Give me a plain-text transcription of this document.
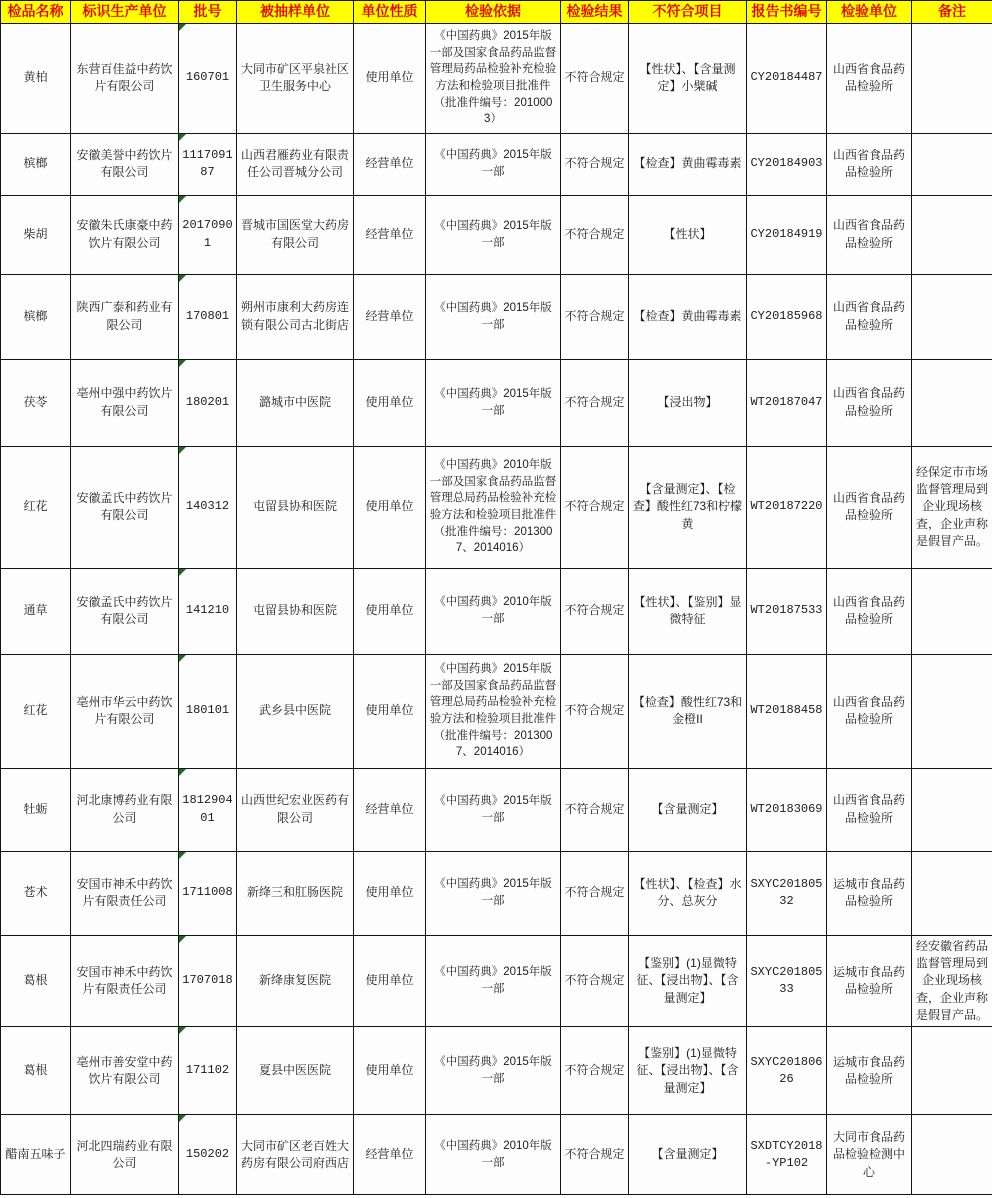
检品名称	标识生产单位	批号	被抽样单位	单位性质	检验依据	检验结果	不符合项目	报告书编号	检验单位	备注
黄柏	东营百佳益中药饮片有限公司	160701	大同市矿区平泉社区卫生服务中心	使用单位	《中国药典》2015年版一部及国家食品药品监督管理局药品检验补充检验方法和检验项目批准件 （批准件编号：2010003）	不符合规定	【性状】、【含量测定】小檗碱	CY20184487	山西省食品药品检验所	
槟榔	安徽美誉中药饮片有限公司	111709187	山西君雁药业有限责任公司晋城分公司	经营单位	《中国药典》2015年版一部	不符合规定	【检查】黄曲霉毒素	CY20184903	山西省食品药品检验所	
柴胡	安徽朱氏康豪中药饮片有限公司	20170901	晋城市国医堂大药房有限公司	经营单位	《中国药典》2015年版一部	不符合规定	【性状】	CY20184919	山西省食品药品检验所	
槟榔	陕西广泰和药业有限公司	170801	朔州市康利大药房连锁有限公司古北街店	经营单位	《中国药典》2015年版一部	不符合规定	【检查】黄曲霉毒素	CY20185968	山西省食品药品检验所	
茯苓	亳州中强中药饮片有限公司	180201	潞城市中医院	使用单位	《中国药典》2015年版一部	不符合规定	【浸出物】	WT20187047	山西省食品药品检验所	
红花	安徽孟氏中药饮片有限公司	140312	屯留县协和医院	使用单位	《中国药典》2010年版一部及国家食品药品监督管理总局药品检验补充检验方法和检验项目批准件 （批准件编号：2013007、2014016）	不符合规定	【含量测定】、【检查】酸性红73和柠檬黄	WT20187220	山西省食品药品检验所	经保定市市场监督管理局到企业现场核查，企业声称是假冒产品。
通草	安徽孟氏中药饮片有限公司	141210	屯留县协和医院	使用单位	《中国药典》2010年版一部	不符合规定	【性状】、【鉴别】显微特征	WT20187533	山西省食品药品检验所	
红花	亳州市华云中药饮片有限公司	180101	武乡县中医院	使用单位	《中国药典》2015年版一部及国家食品药品监督管理总局药品检验补充检验方法和检验项目批准件 （批准件编号：2013007、2014016）	不符合规定	【检查】酸性红73和金橙II	WT20188458	山西省食品药品检验所	
牡蛎	河北康博药业有限公司	181290401	山西世纪宏业医药有限公司	经营单位	《中国药典》2015年版一部	不符合规定	【含量测定】	WT20183069	山西省食品药品检验所	
苍术	安国市神禾中药饮片有限责任公司	1711008	新绛三和肛肠医院	使用单位	《中国药典》2015年版一部	不符合规定	【性状】、【检查】水分、总灰分	SXYC20180532	运城市食品药品检验所	
葛根	安国市神禾中药饮片有限责任公司	1707018	新绛康复医院	使用单位	《中国药典》2015年版一部	不符合规定	【鉴别】(1)显微特征、【浸出物】、【含量测定】	SXYC20180533	运城市食品药品检验所	经安徽省药品监督管理局到企业现场核查，企业声称是假冒产品。
葛根	亳州市善安堂中药饮片有限公司	171102	夏县中医医院	使用单位	《中国药典》2015年版一部	不符合规定	【鉴别】(1)显微特征、【浸出物】、【含量测定】	SXYC20180626	运城市食品药品检验所	
醋南五味子	河北四瑞药业有限公司	150202	大同市矿区老百姓大药房有限公司府西店	经营单位	《中国药典》2010年版一部	不符合规定	【含量测定】	SXDTCY2018-YP102	大同市食品药品检验检测中心	
